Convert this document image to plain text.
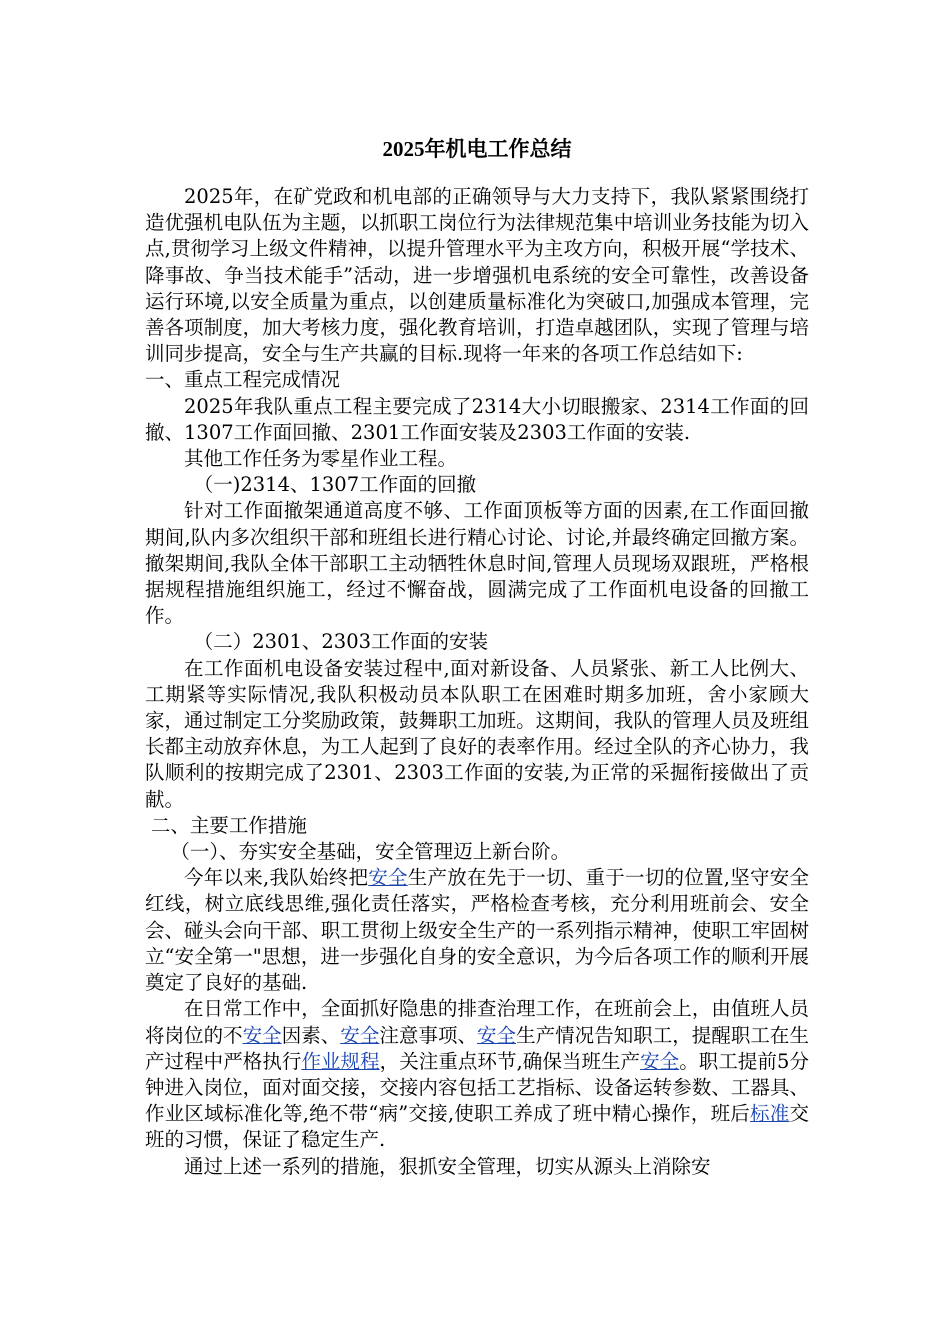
2025年机电工作总结

2025年，在矿党政和机电部的正确领导与大力支持下，我队紧紧围绕打造优强机电队伍为主题，以抓职工岗位行为法律规范集中培训业务技能为切入点,贯彻学习上级文件精神，以提升管理水平为主攻方向，积极开展“学技术、降事故、争当技术能手”活动，进一步增强机电系统的安全可靠性，改善设备运行环境,以安全质量为重点，以创建质量标准化为突破口,加强成本管理，完善各项制度，加大考核力度，强化教育培训，打造卓越团队，实现了管理与培训同步提高，安全与生产共赢的目标.现将一年来的各项工作总结如下:

一、重点工程完成情况

2025年我队重点工程主要完成了2314大小切眼搬家、2314工作面的回撤、1307工作面回撤、2301工作面安装及2303工作面的安装.

其他工作任务为零星作业工程。

（一)2314、1307工作面的回撤

针对工作面撤架通道高度不够、工作面顶板等方面的因素,在工作面回撤期间,队内多次组织干部和班组长进行精心讨论、讨论,并最终确定回撤方案。撤架期间,我队全体干部职工主动牺牲休息时间,管理人员现场双跟班，严格根据规程措施组织施工，经过不懈奋战，圆满完成了工作面机电设备的回撤工作。

（二）2301、2303工作面的安装

在工作面机电设备安装过程中,面对新设备、人员紧张、新工人比例大、工期紧等实际情况,我队积极动员本队职工在困难时期多加班，舍小家顾大家，通过制定工分奖励政策，鼓舞职工加班。这期间，我队的管理人员及班组长都主动放弃休息，为工人起到了良好的表率作用。经过全队的齐心协力，我队顺利的按期完成了2301、2303工作面的安装,为正常的采掘衔接做出了贡献。

二、主要工作措施

（一）、夯实安全基础，安全管理迈上新台阶。

今年以来,我队始终把安全生产放在先于一切、重于一切的位置,坚守安全红线，树立底线思维,强化责任落实，严格检查考核，充分利用班前会、安全会、碰头会向干部、职工贯彻上级安全生产的一系列指示精神，使职工牢固树立“安全第一"思想，进一步强化自身的安全意识，为今后各项工作的顺利开展奠定了良好的基础.

在日常工作中，全面抓好隐患的排查治理工作，在班前会上，由值班人员将岗位的不安全因素、安全注意事项、安全生产情况告知职工，提醒职工在生产过程中严格执行作业规程，关注重点环节,确保当班生产安全。职工提前5分钟进入岗位，面对面交接，交接内容包括工艺指标、设备运转参数、工器具、作业区域标准化等,绝不带“病”交接,使职工养成了班中精心操作，班后标准交班的习惯，保证了稳定生产.

通过上述一系列的措施，狠抓安全管理，切实从源头上消除安
